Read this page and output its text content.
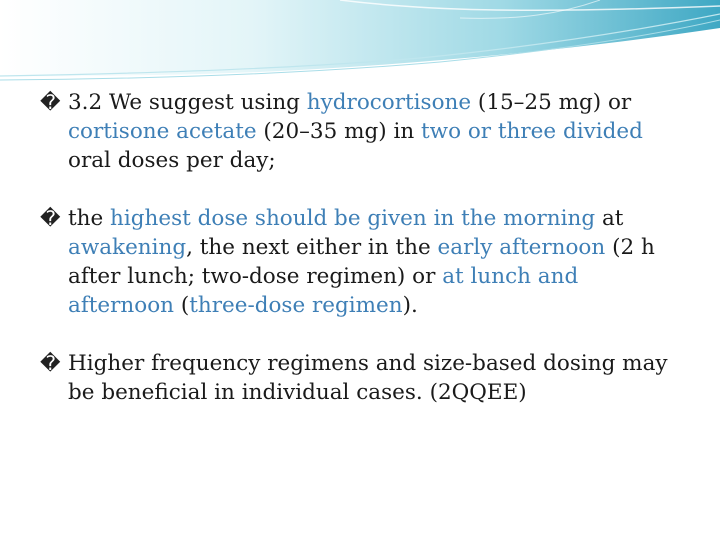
� 3.2 We suggest using hydrocortisone (15–25 mg) or cortisone acetate (20–35 mg) in two or three divided oral doses per day;
� the highest dose should be given in the morning at awakening, the next either in the early afternoon (2 h after lunch; two-dose regimen) or at lunch and afternoon (three-dose regimen).
� Higher frequency regimens and size-based dosing may be beneficial in individual cases. (2QQEE)
